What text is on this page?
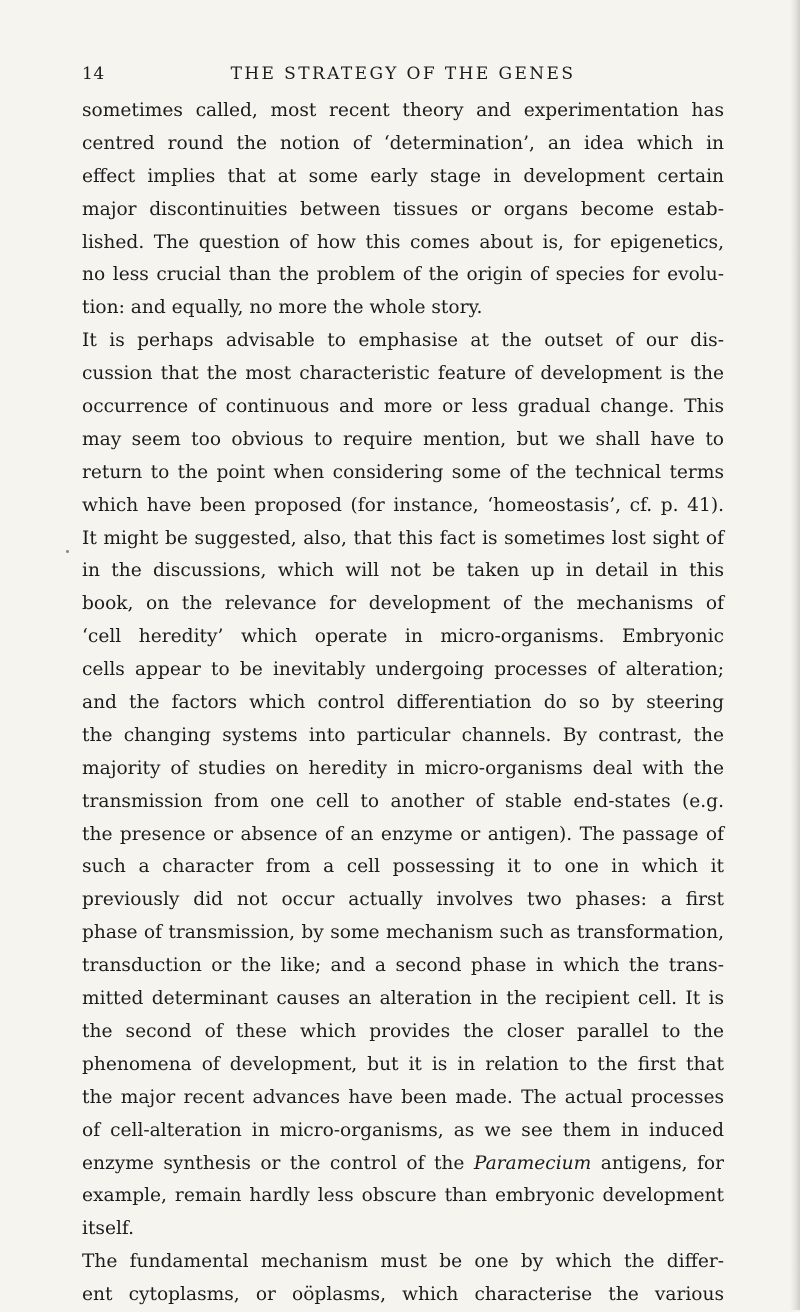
14	THE STRATEGY OF THE GENES
sometimes called, most recent theory and experimentation has
centred round the notion of ‘determination’, an idea which in
effect implies that at some early stage in development certain
major discontinuities between tissues or organs become estab-
lished. The question of how this comes about is, for epigenetics,
no less crucial than the problem of the origin of species for evolu-
tion: and equally, no more the whole story.
It is perhaps advisable to emphasise at the outset of our dis-
cussion that the most characteristic feature of development is the
occurrence of continuous and more or less gradual change. This
may seem too obvious to require mention, but we shall have to
return to the point when considering some of the technical terms
which have been proposed (for instance, ‘homeostasis’, cf. p. 41).
It might be suggested, also, that this fact is sometimes lost sight of
in the discussions, which will not be taken up in detail in this
book, on the relevance for development of the mechanisms of
‘cell heredity’ which operate in micro-organisms. Embryonic
cells appear to be inevitably undergoing processes of alteration;
and the factors which control differentiation do so by steering
the changing systems into particular channels. By contrast, the
majority of studies on heredity in micro-organisms deal with the
transmission from one cell to another of stable end-states (e.g.
the presence or absence of an enzyme or antigen). The passage of
such a character from a cell possessing it to one in which it
previously did not occur actually involves two phases: a first
phase of transmission, by some mechanism such as transformation,
transduction or the like; and a second phase in which the trans-
mitted determinant causes an alteration in the recipient cell. It is
the second of these which provides the closer parallel to the
phenomena of development, but it is in relation to the first that
the major recent advances have been made. The actual processes
of cell-alteration in micro-organisms, as we see them in induced
enzyme synthesis or the control of the Paramecium antigens, for
example, remain hardly less obscure than embryonic development
itself.
The fundamental mechanism must be one by which the differ-
ent cytoplasms, or oöplasms, which characterise the various
